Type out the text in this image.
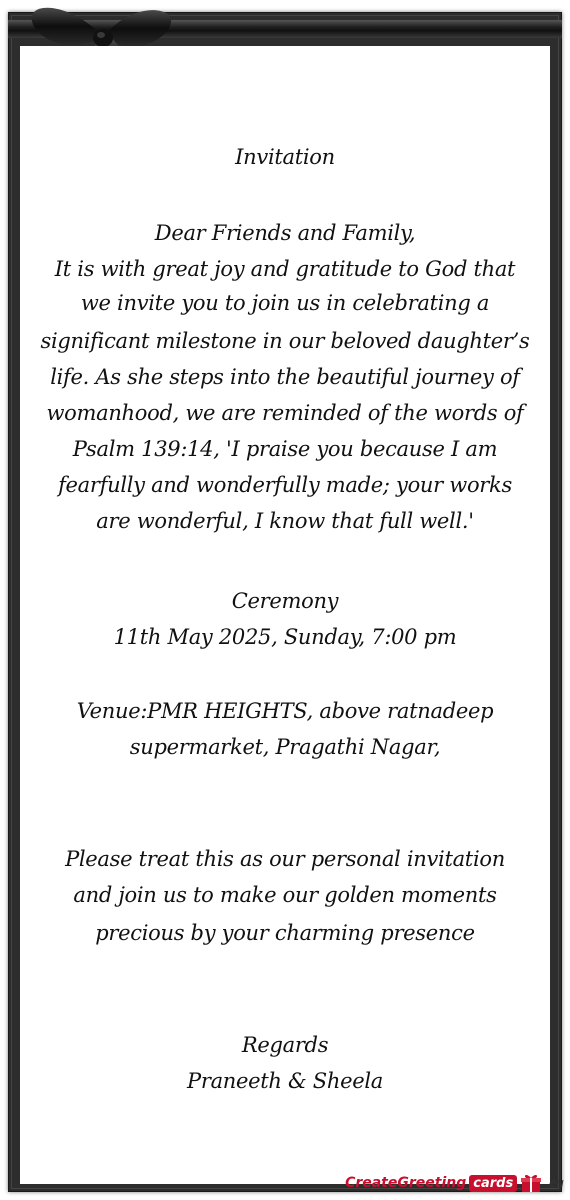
Invitation
Dear Friends and Family,
It is with great joy and gratitude to God that
we invite you to join us in celebrating a
significant milestone in our beloved daughter’s
life. As she steps into the beautiful journey of
womanhood, we are reminded of the words of
Psalm 139:14, 'I praise you because I am
fearfully and wonderfully made; your works
are wonderful, I know that full well.'
Ceremony
11th May 2025, Sunday, 7:00 pm
Venue:PMR HEIGHTS, above ratnadeep
supermarket, Pragathi Nagar,
Please treat this as our personal invitation
and join us to make our golden moments
precious by your charming presence
Regards
Praneeth & Sheela
CreateGreeting cards	.eu
